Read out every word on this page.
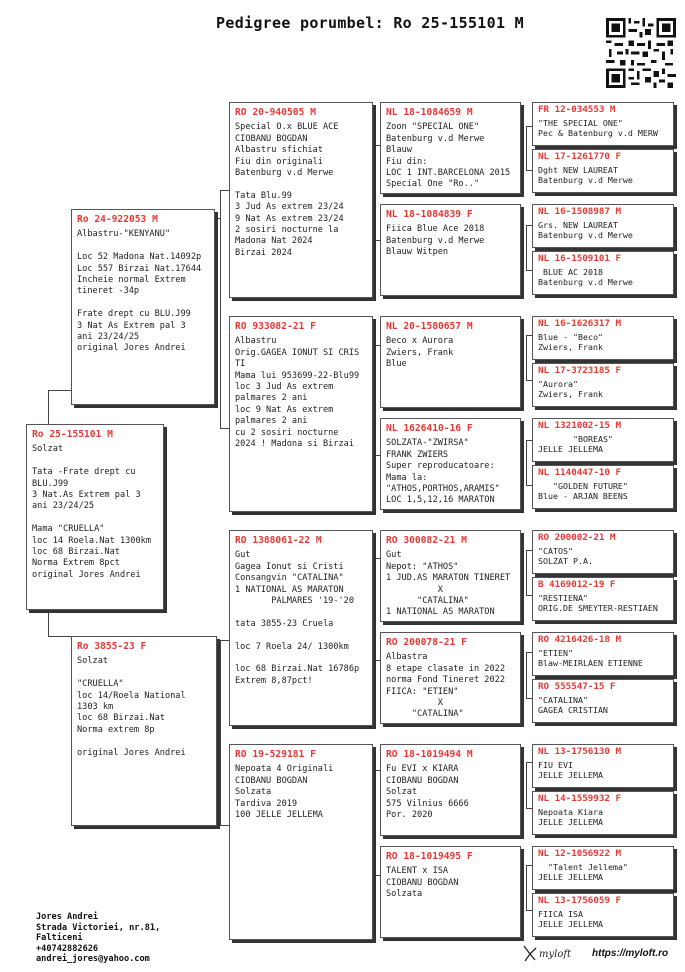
Pedigree porumbel: Ro 25-155101 M
Ro 25-155101 M
Solzat

Tata -Frate drept cu
BLU.J99
3 Nat.As Extrem pal 3
ani 23/24/25

Mama "CRUELLA"
loc 14 Roela.Nat 1300km
loc 68 Birzai.Nat
Norma Extrem 8pct
original Jores Andrei
Ro 24-922053 M
Albastru-"KENYANU"

Loc 52 Madona Nat.14092p
Loc 557 Birzai Nat.17644
Incheie normal Extrem
tineret -34p

Frate drept cu BLU.J99
3 Nat As Extrem pal 3
ani 23/24/25
original Jores Andrei
Ro 3855-23 F
Solzat

"CRUELLA"
loc 14/Roela National
1303 km
loc 68 Birzai.Nat
Norma extrem 8p

original Jores Andrei
RO 20-940505 M
Special O.x BLUE ACE
CIOBANU BOGDAN
Albastru sfichiat
Fiu din originali
Batenburg v.d Merwe

Tata Blu.99
3 Jud As extrem 23/24
9 Nat As extrem 23/24
2 sosiri nocturne la
Madona Nat 2024
Birzai 2024
RO 933082-21 F
Albastru
Orig.GAGEA IONUT SI CRIS
TI
Mama lui 953699-22-Blu99
loc 3 Jud As extrem
palmares 2 ani
loc 9 Nat As extrem
palmares 2 ani
cu 2 sosiri nocturne
2024 ! Madona si Birzai
RO 1388061-22 M
Gut
Gagea Ionut si Cristi
Consangvin "CATALINA"
1 NATIONAL AS MARATON
PALMARES '19-'20

tata 3855-23 Cruela

loc 7 Roela 24/ 1300km

loc 68 Birzai.Nat 16786p
Extrem 8,87pct!
RO 19-529181 F
Nepoata 4 Originali
CIOBANU BOGDAN
Solzata
Tardiva 2019
100 JELLE JELLEMA
NL 18-1084659 M
Zoon "SPECIAL ONE"
Batenburg v.d Merwe
Blauw
Fiu din:
LOC 1 INT.BARCELONA 2015
Special One "Ro.."
NL 18-1084839 F
Fiica Blue Ace 2018
Batenburg v.d Merwe
Blauw Witpen
NL 20-1580657 M
Beco x Aurora
Zwiers, Frank
Blue
NL 1626410-16 F
SOLZATA-"ZWIRSA"
FRANK ZWIERS
Super reproducatoare:
Mama la:
"ATHOS,PORTHOS,ARAMIS"
LOC 1,5,12,16 MARATON
RO 300082-21 M
Gut
Nepot: "ATHOS"
1 JUD.AS MARATON TINERET
X
"CATALINA"
1 NATIONAL AS MARATON
RO 200078-21 F
Albastra
8 etape clasate in 2022
norma Fond Tineret 2022
FIICA: "ETIEN"
X
"CATALINA"
RO 18-1019494 M
Fu EVI x KIARA
CIOBANU BOGDAN
Solzat
575 Vilnius 6666
Por. 2020
RO 18-1019495 F
TALENT x ISA
CIOBANU BOGDAN
Solzata
FR 12-034553 M
"THE SPECIAL ONE"
Pec & Batenburg v.d MERW
NL 17-1261770 F
Dght NEW LAUREAT
Batenburg v.d Merwe
NL 16-1508987 M
Grs. NEW LAUREAT
Batenburg v.d Merwe
NL 16-1509101 F
BLUE AC 2018
Batenburg v.d Merwe
NL 16-1626317 M
Blue - "Beco"
Zwiers, Frank
NL 17-3723185 F
"Aurora"
Zwiers, Frank
NL 1321002-15 M
"BOREAS"
JELLE JELLEMA
NL 1140447-10 F
"GOLDEN FUTURE"
Blue - ARJAN BEENS
RO 200002-21 M
"CATOS"
SOLZAT P.A.
B 4169012-19 F
"RESTIENA"
ORIG.DE SMEYTER-RESTIAEN
RO 4216426-18 M
"ETIEN"
Blaw-MEIRLAEN ETIENNE
RO 555547-15 F
"CATALINA"
GAGEA CRISTIAN
NL 13-1756130 M
FIU EVI
JELLE JELLEMA
NL 14-1559932 F
Nepoata Kiara
JELLE JELLEMA
NL 12-1056922 M
"Talent Jellema"
JELLE JELLEMA
NL 13-1756059 F
FIICA ISA
JELLE JELLEMA
Jores Andrei
Strada Victoriei, nr.81,
Falticeni
+40742882626
andrei_jores@yahoo.com	myloft https://myloft.ro
